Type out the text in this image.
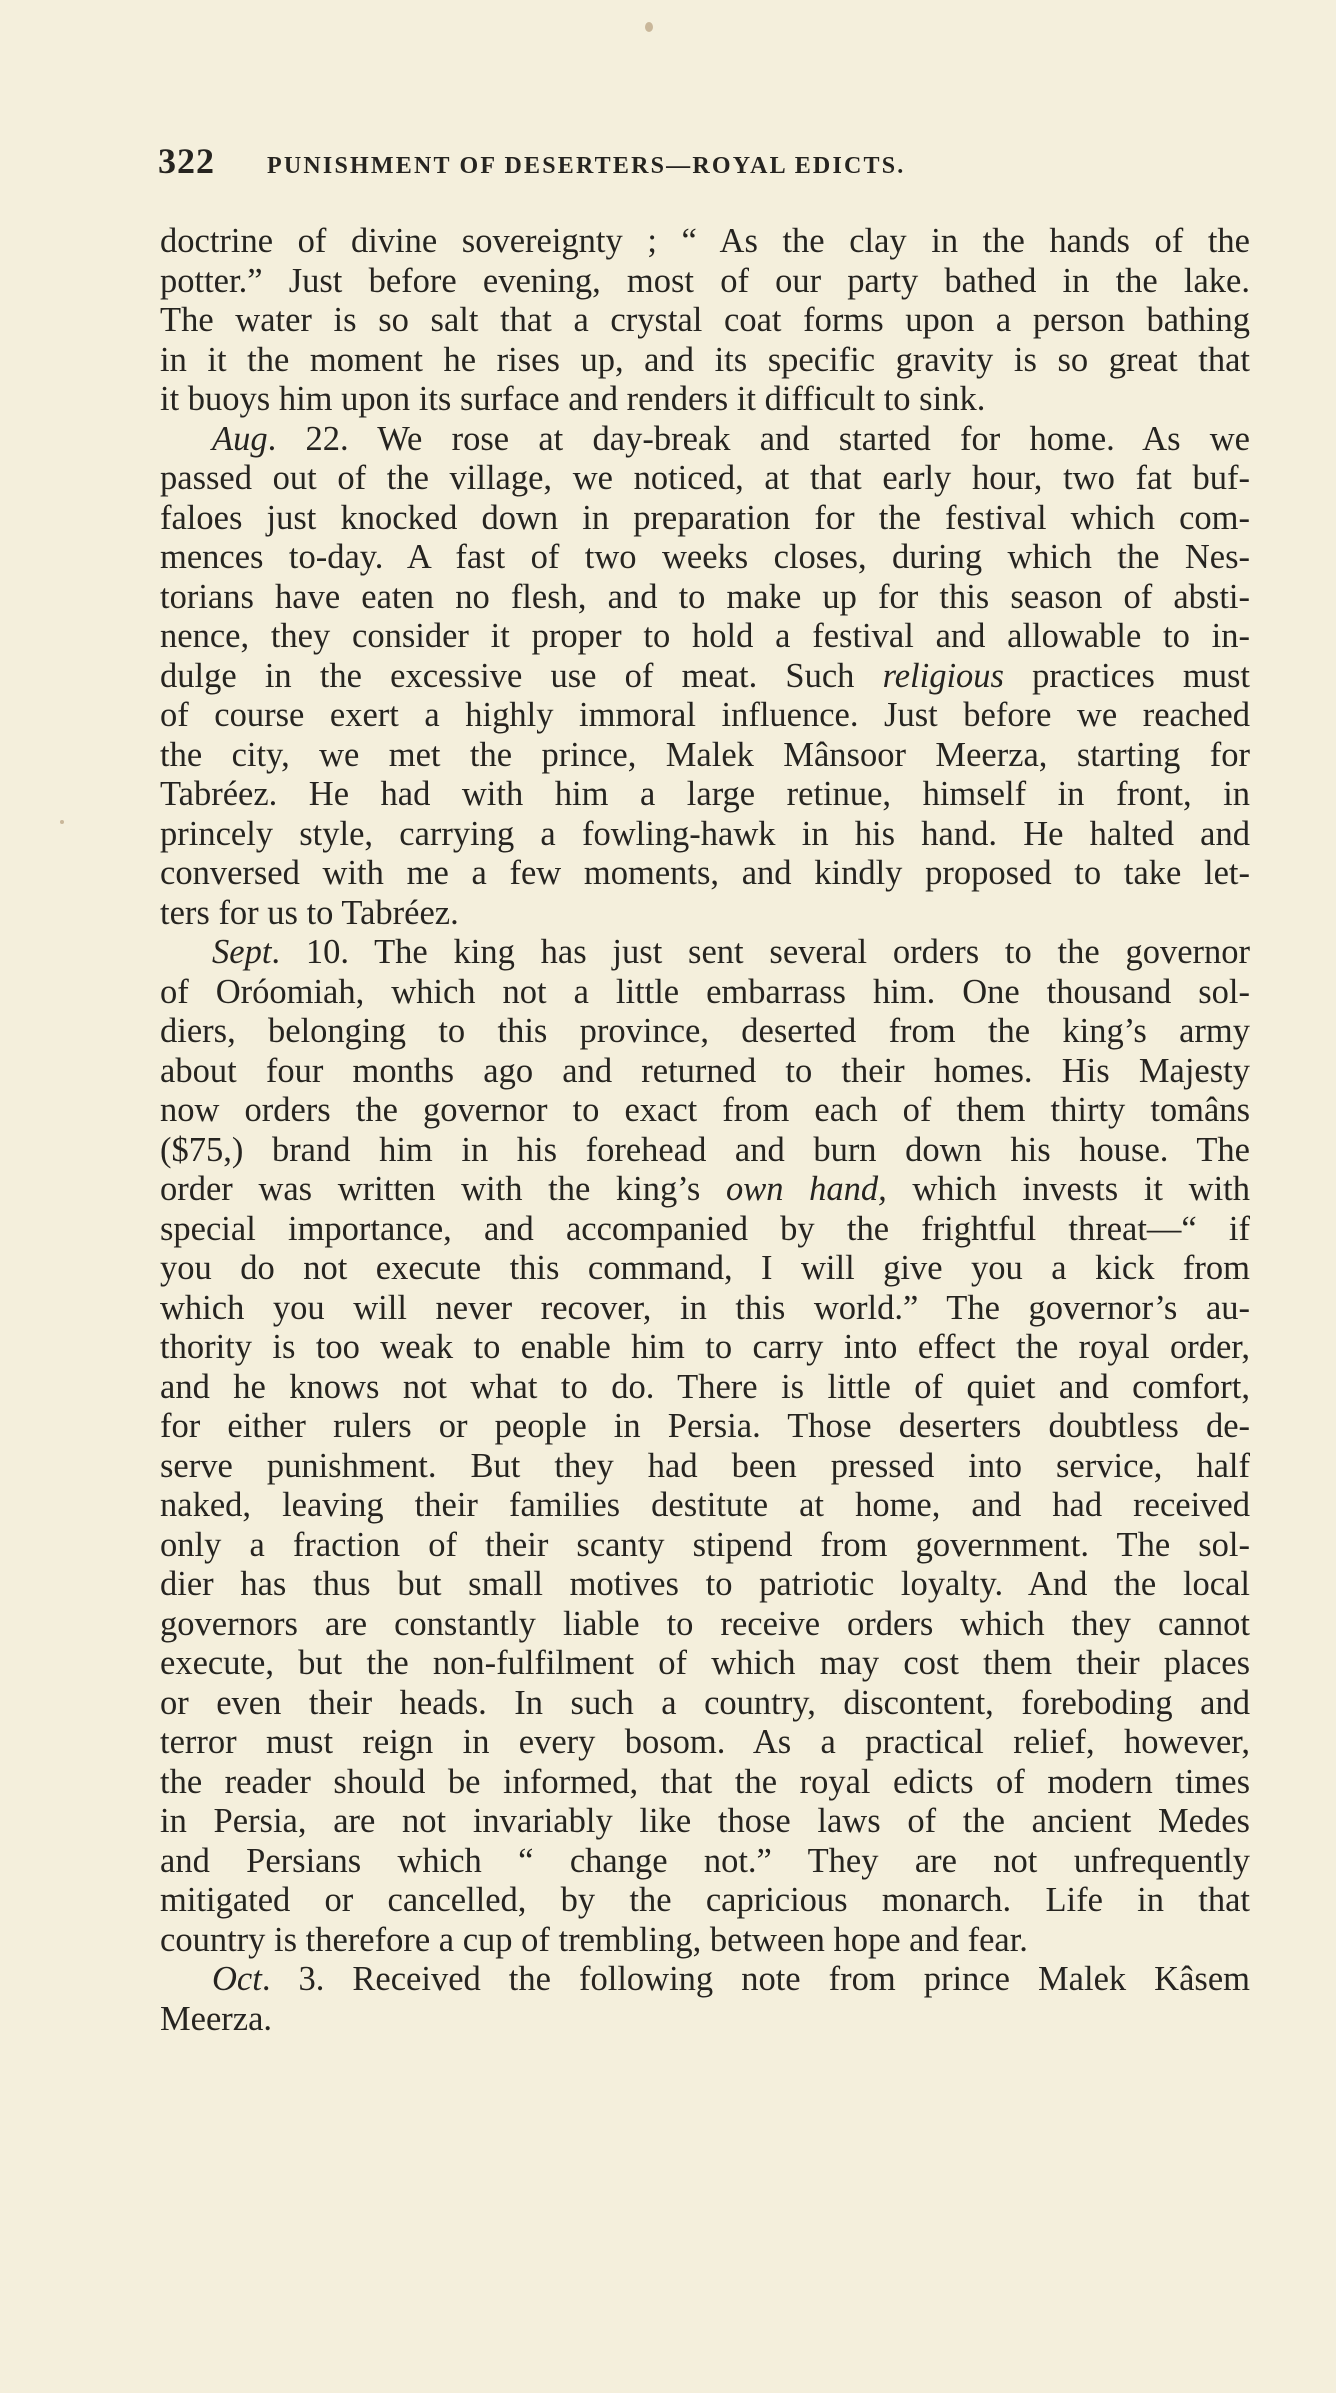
322 PUNISHMENT OF DESERTERS—ROYAL EDICTS.
doctrine of divine sovereignty ; “ As the clay in the hands of the
potter.” Just before evening, most of our party bathed in the lake.
The water is so salt that a crystal coat forms upon a person bathing
in it the moment he rises up, and its specific gravity is so great that
it buoys him upon its surface and renders it difficult to sink.
Aug. 22. We rose at day-break and started for home. As we
passed out of the village, we noticed, at that early hour, two fat buf-
faloes just knocked down in preparation for the festival which com-
mences to-day. A fast of two weeks closes, during which the Nes-
torians have eaten no flesh, and to make up for this season of absti-
nence, they consider it proper to hold a festival and allowable to in-
dulge in the excessive use of meat. Such religious practices must
of course exert a highly immoral influence. Just before we reached
the city, we met the prince, Malek Mânsoor Meerza, starting for
Tabréez. He had with him a large retinue, himself in front, in
princely style, carrying a fowling-hawk in his hand. He halted and
conversed with me a few moments, and kindly proposed to take let-
ters for us to Tabréez.
Sept. 10. The king has just sent several orders to the governor
of Oróomiah, which not a little embarrass him. One thousand sol-
diers, belonging to this province, deserted from the king’s army
about four months ago and returned to their homes. His Majesty
now orders the governor to exact from each of them thirty tomâns
($75,) brand him in his forehead and burn down his house. The
order was written with the king’s own hand, which invests it with
special importance, and accompanied by the frightful threat—“ if
you do not execute this command, I will give you a kick from
which you will never recover, in this world.” The governor’s au-
thority is too weak to enable him to carry into effect the royal order,
and he knows not what to do. There is little of quiet and comfort,
for either rulers or people in Persia. Those deserters doubtless de-
serve punishment. But they had been pressed into service, half
naked, leaving their families destitute at home, and had received
only a fraction of their scanty stipend from government. The sol-
dier has thus but small motives to patriotic loyalty. And the local
governors are constantly liable to receive orders which they cannot
execute, but the non-fulfilment of which may cost them their places
or even their heads. In such a country, discontent, foreboding and
terror must reign in every bosom. As a practical relief, however,
the reader should be informed, that the royal edicts of modern times
in Persia, are not invariably like those laws of the ancient Medes
and Persians which “ change not.” They are not unfrequently
mitigated or cancelled, by the capricious monarch. Life in that
country is therefore a cup of trembling, between hope and fear.
Oct. 3. Received the following note from prince Malek Kâsem
Meerza.
